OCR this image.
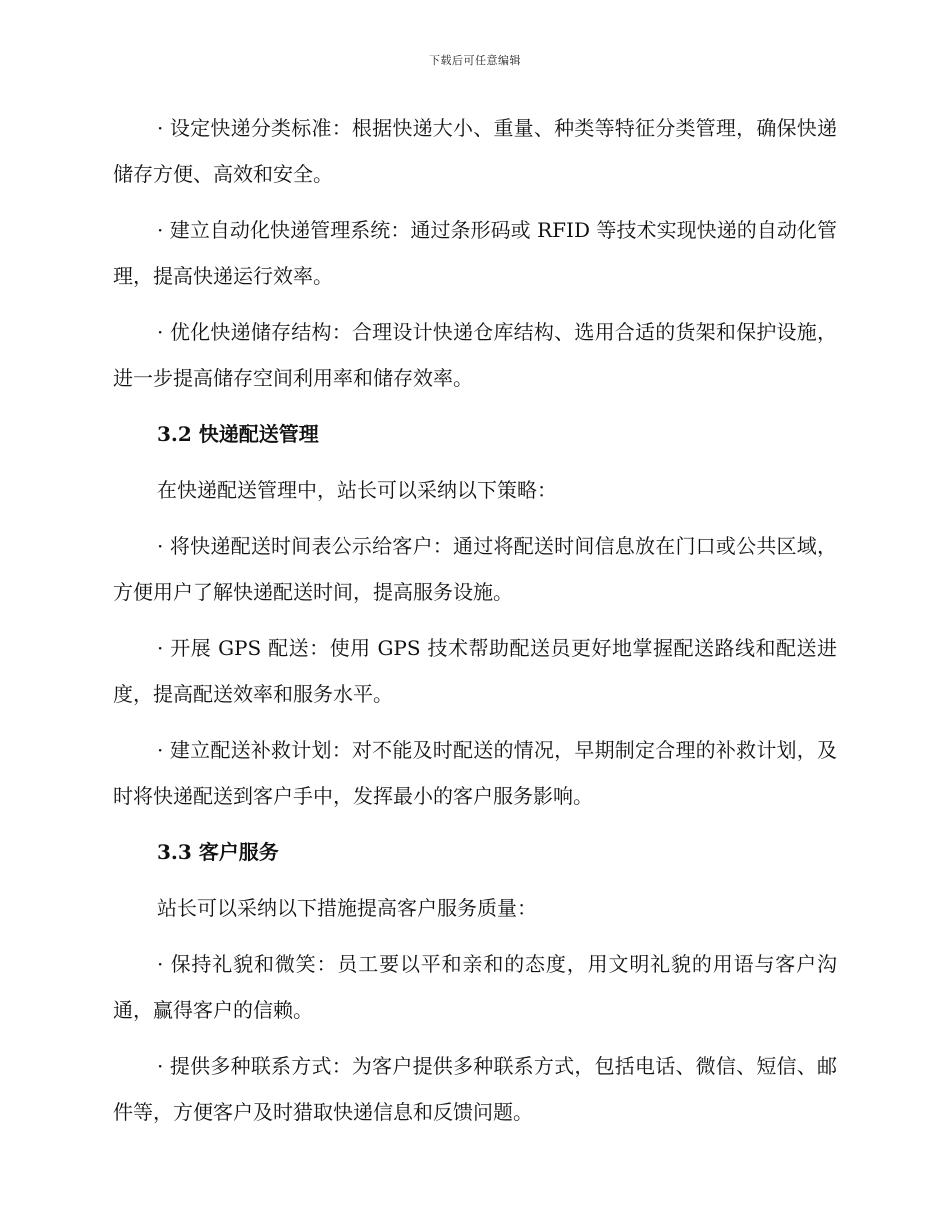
下载后可任意编辑

· 设定快递分类标准：根据快递大小、重量、种类等特征分类管理，确保快递储存方便、高效和安全。

· 建立自动化快递管理系统：通过条形码或 RFID 等技术实现快递的自动化管理，提高快递运行效率。

· 优化快递储存结构：合理设计快递仓库结构、选用合适的货架和保护设施，进一步提高储存空间利用率和储存效率。

3.2 快递配送管理

在快递配送管理中，站长可以采纳以下策略：

· 将快递配送时间表公示给客户：通过将配送时间信息放在门口或公共区域，方便用户了解快递配送时间，提高服务设施。

· 开展 GPS 配送：使用 GPS 技术帮助配送员更好地掌握配送路线和配送进度，提高配送效率和服务水平。

· 建立配送补救计划：对不能及时配送的情况，早期制定合理的补救计划，及时将快递配送到客户手中，发挥最小的客户服务影响。

3.3 客户服务

站长可以采纳以下措施提高客户服务质量：

· 保持礼貌和微笑：员工要以平和亲和的态度，用文明礼貌的用语与客户沟通，赢得客户的信赖。

· 提供多种联系方式：为客户提供多种联系方式，包括电话、微信、短信、邮件等，方便客户及时猎取快递信息和反馈问题。
